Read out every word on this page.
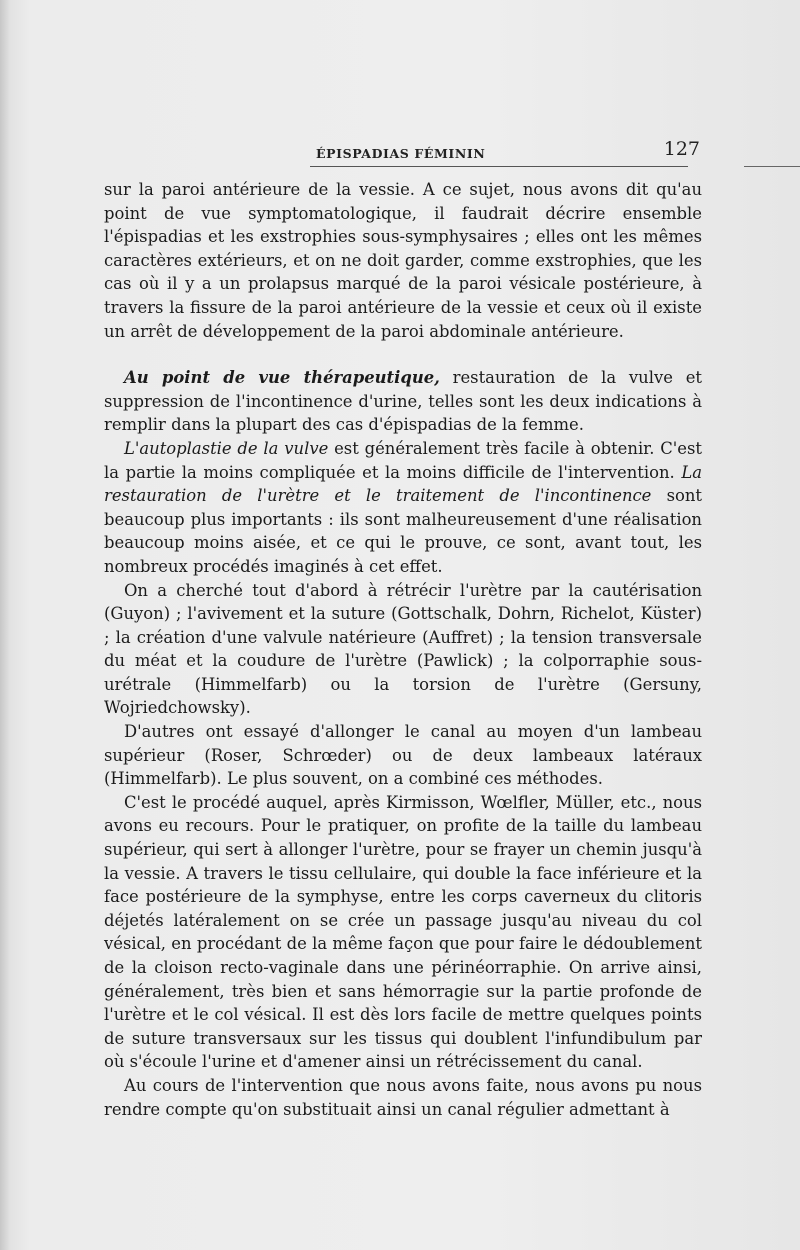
ÉPISPADIAS FÉMININ	127

sur la paroi antérieure de la vessie. A ce sujet, nous avons dit qu'au point de vue symptomatologique, il faudrait décrire ensemble l'épispadias et les exstrophies sous-symphysaires ; elles ont les mêmes caractères extérieurs, et on ne doit garder, comme exstrophies, que les cas où il y a un prolapsus marqué de la paroi vésicale postérieure, à travers la fissure de la paroi antérieure de la vessie et ceux où il existe un arrêt de développement de la paroi abdominale antérieure.

Au point de vue thérapeutique, restauration de la vulve et suppression de l'incontinence d'urine, telles sont les deux indications à remplir dans la plupart des cas d'épispadias de la femme.

L'autoplastie de la vulve est généralement très facile à obtenir. C'est la partie la moins compliquée et la moins difficile de l'intervention. La restauration de l'urètre et le traitement de l'incontinence sont beaucoup plus importants : ils sont malheureusement d'une réalisation beaucoup moins aisée, et ce qui le prouve, ce sont, avant tout, les nombreux procédés imaginés à cet effet.

On a cherché tout d'abord à rétrécir l'urètre par la cautérisation (Guyon) ; l'avivement et la suture (Gottschalk, Dohrn, Richelot, Küster) ; la création d'une valvule natérieure (Auffret) ; la tension transversale du méat et la coudure de l'urètre (Pawlick) ; la colporraphie sous-urétrale (Himmelfarb) ou la torsion de l'urètre (Gersuny, Wojriedchowsky).

D'autres ont essayé d'allonger le canal au moyen d'un lambeau supérieur (Roser, Schrœder) ou de deux lambeaux latéraux (Himmelfarb). Le plus souvent, on a combiné ces méthodes.

C'est le procédé auquel, après Kirmisson, Wœlfler, Müller, etc., nous avons eu recours. Pour le pratiquer, on profite de la taille du lambeau supérieur, qui sert à allonger l'urètre, pour se frayer un chemin jusqu'à la vessie. A travers le tissu cellulaire, qui double la face inférieure et la face postérieure de la symphyse, entre les corps caverneux du clitoris déjetés latéralement on se crée un passage jusqu'au niveau du col vésical, en procédant de la même façon que pour faire le dédoublement de la cloison recto-vaginale dans une périnéorraphie. On arrive ainsi, généralement, très bien et sans hémorragie sur la partie profonde de l'urètre et le col vésical. Il est dès lors facile de mettre quelques points de suture transversaux sur les tissus qui doublent l'infundibulum par où s'écoule l'urine et d'amener ainsi un rétrécissement du canal.

Au cours de l'intervention que nous avons faite, nous avons pu nous rendre compte qu'on substituait ainsi un canal régulier admettant à
